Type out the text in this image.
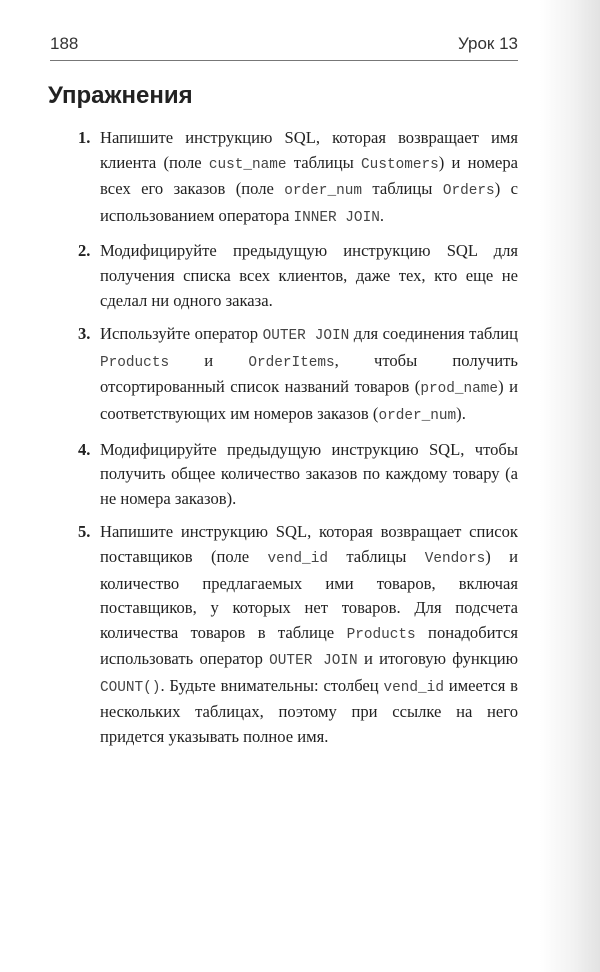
188	Урок 13
Упражнения
1. Напишите инструкцию SQL, которая возвращает имя клиента (поле cust_name таблицы Customers) и номера всех его заказов (поле order_num таблицы Orders) с использованием оператора INNER JOIN.
2. Модифицируйте предыдущую инструкцию SQL для получения списка всех клиентов, даже тех, кто еще не сделал ни одного заказа.
3. Используйте оператор OUTER JOIN для соединения таблиц Products и OrderItems, чтобы получить отсортированный список названий товаров (prod_name) и соответствующих им номеров заказов (order_num).
4. Модифицируйте предыдущую инструкцию SQL, чтобы получить общее количество заказов по каждому товару (а не номера заказов).
5. Напишите инструкцию SQL, которая возвращает список поставщиков (поле vend_id таблицы Vendors) и количество предлагаемых ими товаров, включая поставщиков, у которых нет товаров. Для подсчета количества товаров в таблице Products понадобится использовать оператор OUTER JOIN и итоговую функцию COUNT(). Будьте внимательны: столбец vend_id имеется в нескольких таблицах, поэтому при ссылке на него придется указывать полное имя.
